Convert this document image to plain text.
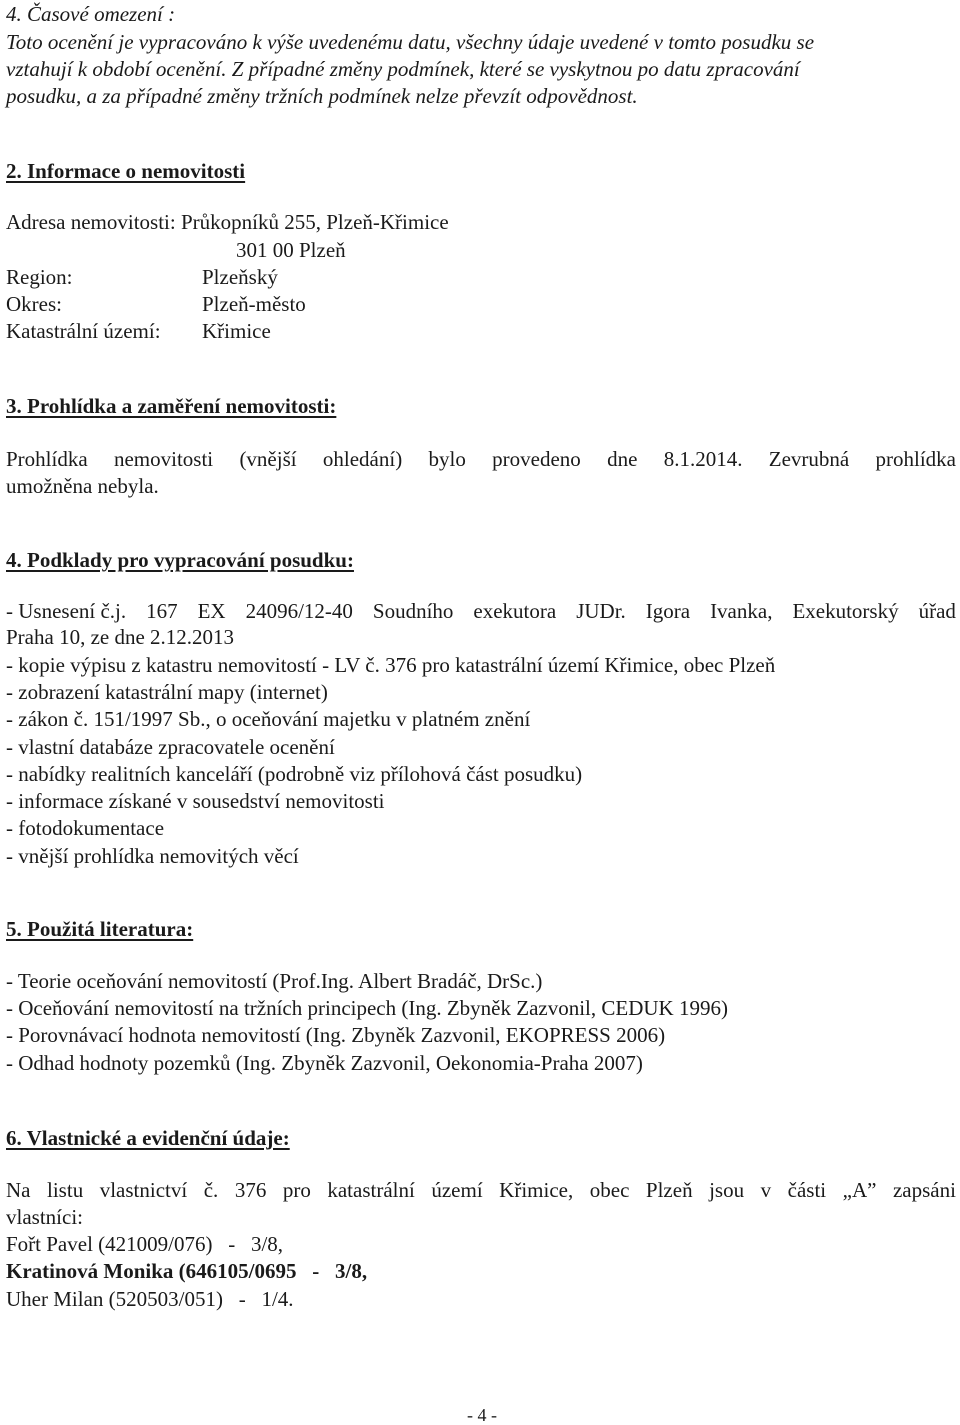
4. Časové omezení :
Toto ocenění je vypracováno k výše uvedenému datu, všechny údaje uvedené v tomto posudku se
vztahují k období ocenění. Z případné změny podmínek, které se vyskytnou po datu zpracování
posudku, a za případné změny tržních podmínek nelze převzít odpovědnost.
2. Informace o nemovitosti
Adresa nemovitosti: Průkopníků 255, Plzeň-Křimice
301 00 Plzeň
Region:	Plzeňský
Okres:	Plzeň-město
Katastrální území: Křimice
3. Prohlídka a zaměření nemovitosti:
Prohlídka nemovitosti (vnější ohledání) bylo provedeno dne 8.1.2014. Zevrubná prohlídka
umožněna nebyla.
4. Podklady pro vypracování posudku:
- Usnesení č.j. 167 EX 24096/12-40 Soudního exekutora JUDr. Igora Ivanka, Exekutorský úřad
Praha 10, ze dne 2.12.2013
- kopie výpisu z katastru nemovitostí - LV č. 376 pro katastrální území Křimice, obec Plzeň
- zobrazení katastrální mapy (internet)
- zákon č. 151/1997 Sb., o oceňování majetku v platném znění
- vlastní databáze zpracovatele ocenění
- nabídky realitních kanceláří (podrobně viz přílohová část posudku)
- informace získané v sousedství nemovitosti
- fotodokumentace
- vnější prohlídka nemovitých věcí
5. Použitá literatura:
- Teorie oceňování nemovitostí (Prof.Ing. Albert Bradáč, DrSc.)
- Oceňování nemovitostí na tržních principech (Ing. Zbyněk Zazvonil, CEDUK 1996)
- Porovnávací hodnota nemovitostí (Ing. Zbyněk Zazvonil, EKOPRESS 2006)
- Odhad hodnoty pozemků (Ing. Zbyněk Zazvonil, Oekonomia-Praha 2007)
6. Vlastnické a evidenční údaje:
Na listu vlastnictví č. 376 pro katastrální území Křimice, obec Plzeň jsou v části „A” zapsáni
vlastníci:
Fořt Pavel (421009/076)   -   3/8,
Kratinová Monika (646105/0695   -   3/8,
Uher Milan (520503/051)   -   1/4.
- 4 -
